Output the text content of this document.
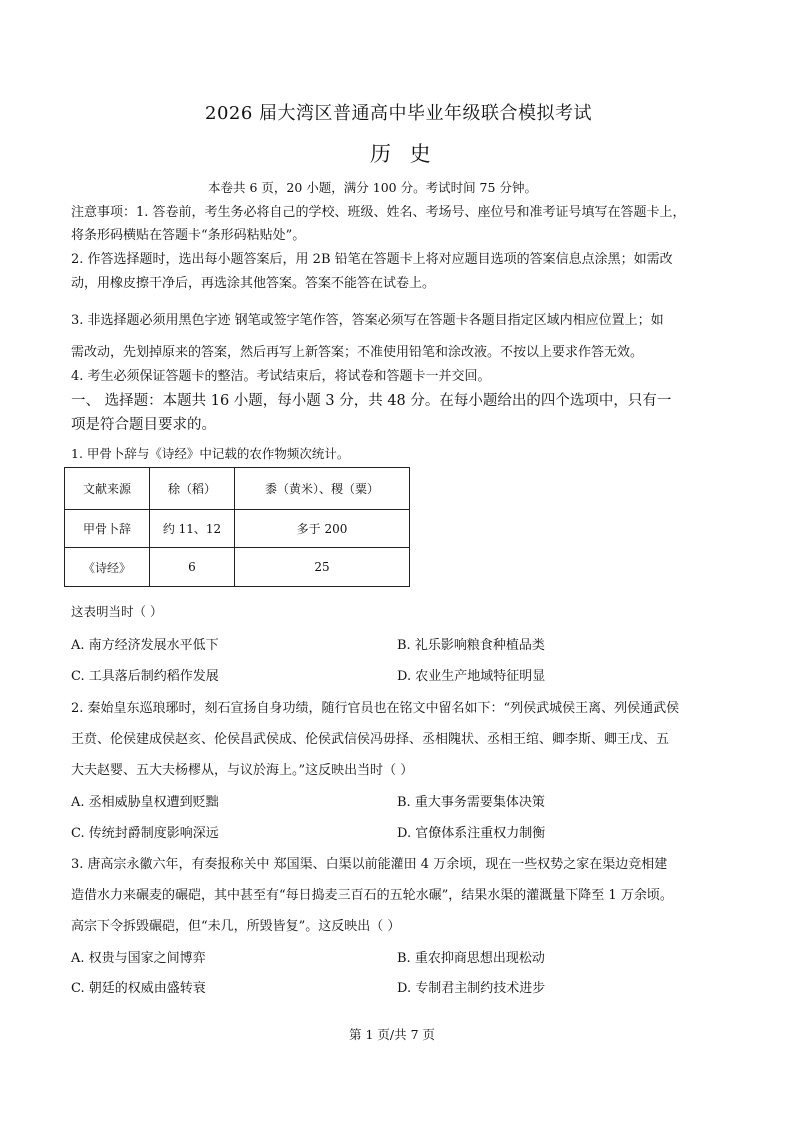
2026 届大湾区普通高中毕业年级联合模拟考试
历 史
本卷共 6 页，20 小题，满分 100 分。考试时间 75 分钟。
注意事项：1. 答卷前，考生务必将自己的学校、班级、姓名、考场号、座位号和准考证号填写在答题卡上，
将条形码横贴在答题卡“条形码粘贴处”。
2. 作答选择题时，选出每小题答案后，用 2B 铅笔在答题卡上将对应题目选项的答案信息点涂黑；如需改
动，用橡皮擦干净后，再选涂其他答案。答案不能答在试卷上。
3. 非选择题必须用黑色字迹 钢笔或签字笔作答，答案必须写在答题卡各题目指定区域内相应位置上；如
需改动，先划掉原来的答案，然后再写上新答案；不准使用铅笔和涂改液。不按以上要求作答无效。
4. 考生必须保证答题卡的整洁。考试结束后，将试卷和答题卡一并交回。
一、 选择题：本题共 16 小题，每小题 3 分，共 48 分。在每小题给出的四个选项中，只有一
项是符合题目要求的。
1. 甲骨卜辞与《诗经》中记载的农作物频次统计。
文献来源	稌（稻）	黍（黄米）、稷（粟）
甲骨卜辞	约 11、12	多于 200
《诗经》	6	25
这表明当时（ ）
A. 南方经济发展水平低下	B. 礼乐影响粮食种植品类
C. 工具落后制约稻作发展	D. 农业生产地域特征明显
2. 秦始皇东巡琅琊时，刻石宣扬自身功绩，随行官员也在铭文中留名如下：“列侯武城侯王离、列侯通武侯
王贲、伦侯建成侯赵亥、伦侯昌武侯成、伦侯武信侯冯毋择、丞相隗状、丞相王绾、卿李斯、卿王戊、五
大夫赵婴、五大夫杨樛从，与议於海上。”这反映出当时（ ）
A. 丞相威胁皇权遭到贬黜	B. 重大事务需要集体决策
C. 传统封爵制度影响深远	D. 官僚体系注重权力制衡
3. 唐高宗永徽六年，有奏报称关中 郑国渠、白渠以前能灌田 4 万余顷，现在一些权势之家在渠边竞相建
造借水力来碾麦的碾硙，其中甚至有“每日捣麦三百石的五轮水碾”，结果水渠的灌溉量下降至 1 万余顷。
高宗下令拆毁碾硙，但“未几，所毁皆复”。这反映出（ ）
A. 权贵与国家之间博弈	B. 重农抑商思想出现松动
C. 朝廷的权威由盛转衰	D. 专制君主制约技术进步
第 1 页/共 7 页
